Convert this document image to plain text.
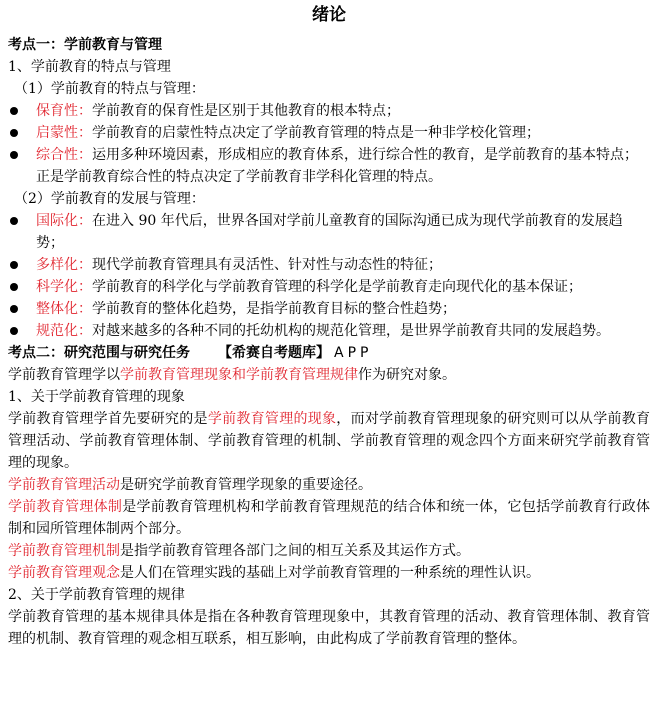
绪论
考点一：学前教育与管理
1、学前教育的特点与管理
（1）学前教育的特点与管理：
保育性：学前教育的保育性是区别于其他教育的根本特点；
启蒙性：学前教育的启蒙性特点决定了学前教育管理的特点是一种非学校化管理；
综合性：运用多种环境因素，形成相应的教育体系，进行综合性的教育，是学前教育的基本特点；正是学前教育综合性的特点决定了学前教育非学科化管理的特点。
（2）学前教育的发展与管理：
国际化：在进入 90 年代后，世界各国对学前儿童教育的国际沟通已成为现代学前教育的发展趋势；
多样化：现代学前教育管理具有灵活性、针对性与动态性的特征；
科学化：学前教育的科学化与学前教育管理的科学化是学前教育走向现代化的基本保证；
整体化：学前教育的整体化趋势，是指学前教育目标的整合性趋势；
规范化：对越来越多的各种不同的托幼机构的规范化管理，是世界学前教育共同的发展趋势。
考点二：研究范围与研究任务 【希赛自考题库】 APP
学前教育管理学以学前教育管理现象和学前教育管理规律作为研究对象。
1、关于学前教育管理的现象
学前教育管理学首先要研究的是学前教育管理的现象，而对学前教育管理现象的研究则可以从学前教育管理活动、学前教育管理体制、学前教育管理的机制、学前教育管理的观念四个方面来研究学前教育管理的现象。
学前教育管理活动是研究学前教育管理学现象的重要途径。
学前教育管理体制是学前教育管理机构和学前教育管理规范的结合体和统一体，它包括学前教育行政体制和园所管理体制两个部分。
学前教育管理机制是指学前教育管理各部门之间的相互关系及其运作方式。
学前教育管理观念是人们在管理实践的基础上对学前教育管理的一种系统的理性认识。
2、关于学前教育管理的规律
学前教育管理的基本规律具体是指在各种教育管理现象中，其教育管理的活动、教育管理体制、教育管理的机制、教育管理的观念相互联系，相互影响，由此构成了学前教育管理的整体。
